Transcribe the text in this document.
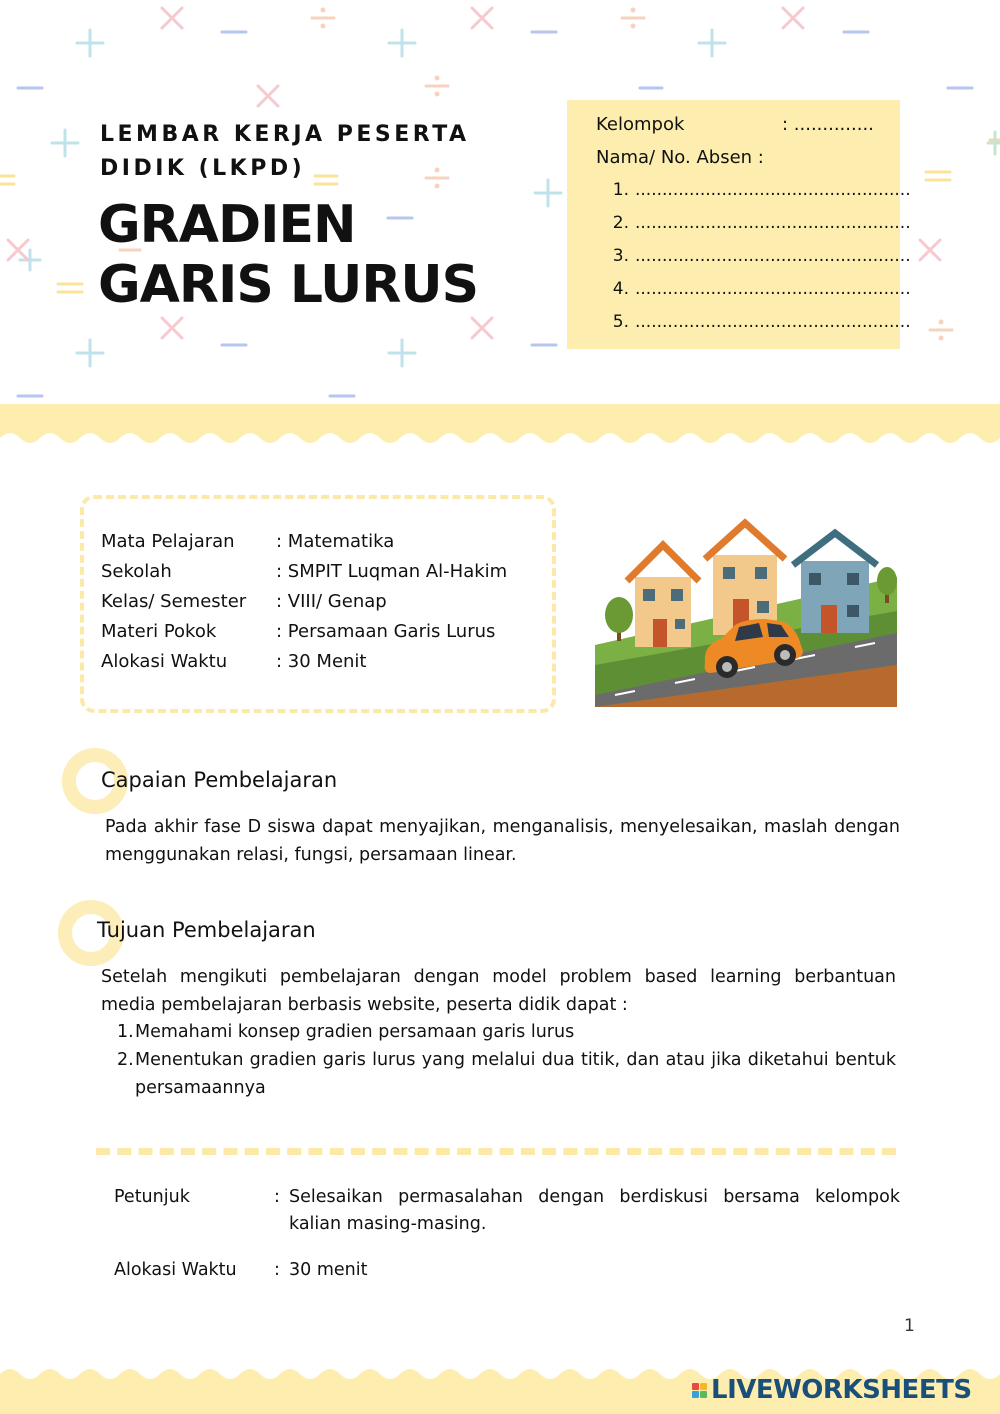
LEMBAR KERJA PESERTA DIDIK (LKPD)
GRADIEN
GARIS LURUS
Kelompok	: ..............
Nama/ No. Absen :
1. ...................................................
2. ...................................................
3. ...................................................
4. ...................................................
5. ...................................................
Mata Pelajaran : Matematika
Sekolah	: SMPIT Luqman Al-Hakim
Kelas/ Semester : VIII/ Genap
Materi Pokok	: Persamaan Garis Lurus
Alokasi Waktu	: 30 Menit
Capaian Pembelajaran
Pada akhir fase D siswa dapat menyajikan, menganalisis, menyelesaikan, maslah dengan menggunakan relasi, fungsi, persamaan linear.
Tujuan Pembelajaran
Setelah mengikuti pembelajaran dengan model problem based learning berbantuan media pembelajaran berbasis website, peserta didik dapat :
1. Memahami konsep gradien persamaan garis lurus
2. Menentukan gradien garis lurus yang melalui dua titik, dan atau jika diketahui bentuk persamaannya
Petunjuk	: Selesaikan permasalahan dengan berdiskusi bersama kelompok kalian masing-masing.
Alokasi Waktu : 30 menit
1
LIVEWORKSHEETS
